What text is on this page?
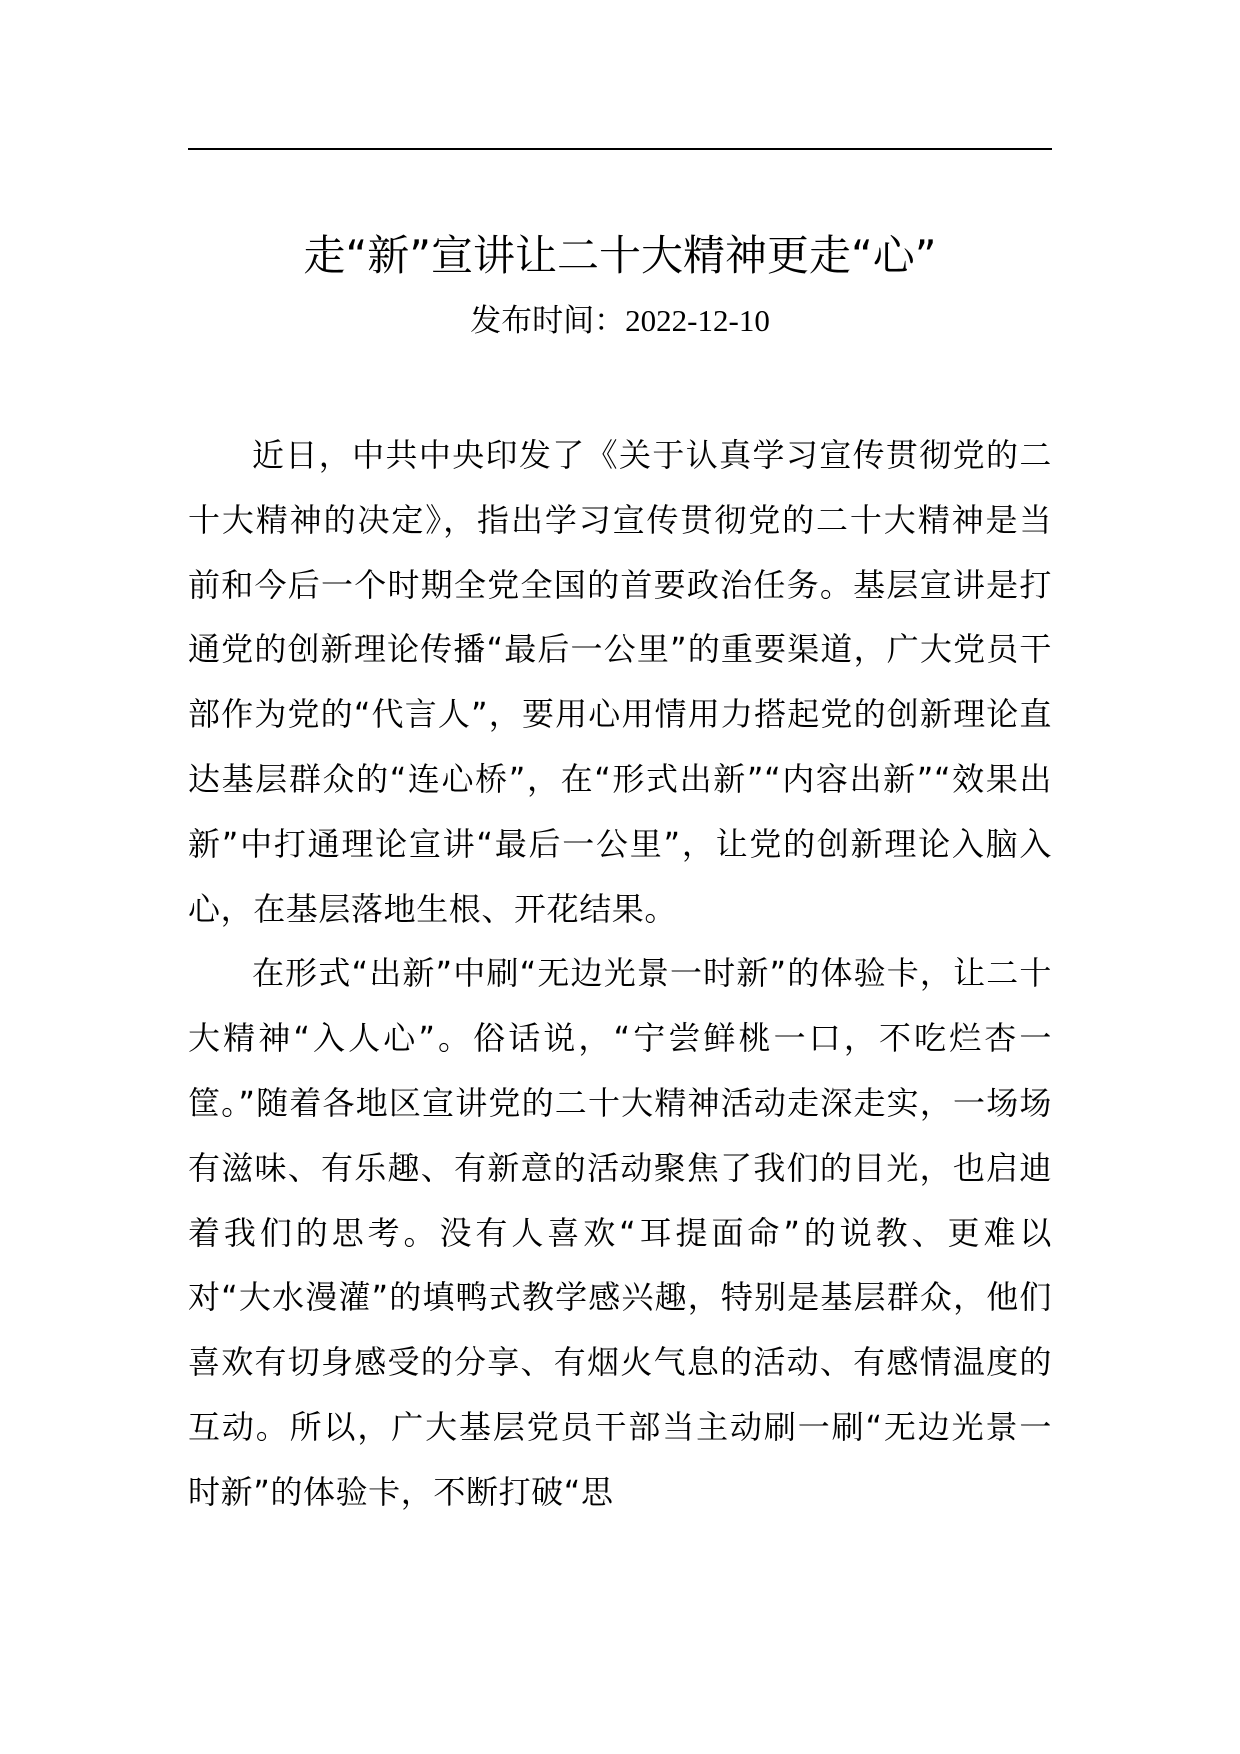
走“新”宣讲让二十大精神更走“心”
发布时间：2022-12-10

近日，中共中央印发了《关于认真学习宣传贯彻党的二十大精神的决定》，指出学习宣传贯彻党的二十大精神是当前和今后一个时期全党全国的首要政治任务。基层宣讲是打通党的创新理论传播“最后一公里”的重要渠道，广大党员干部作为党的“代言人”，要用心用情用力搭起党的创新理论直达基层群众的“连心桥”，在“形式出新”“内容出新”“效果出新”中打通理论宣讲“最后一公里”，让党的创新理论入脑入心，在基层落地生根、开花结果。

在形式“出新”中刷“无边光景一时新”的体验卡，让二十大精神“入人心”。俗话说，“宁尝鲜桃一口，不吃烂杏一筐。”随着各地区宣讲党的二十大精神活动走深走实，一场场有滋味、有乐趣、有新意的活动聚焦了我们的目光，也启迪着我们的思考。没有人喜欢“耳提面命”的说教、更难以对“大水漫灌”的填鸭式教学感兴趣，特别是基层群众，他们喜欢有切身感受的分享、有烟火气息的活动、有感情温度的互动。所以，广大基层党员干部当主动刷一刷“无边光景一时新”的体验卡，不断打破“思
